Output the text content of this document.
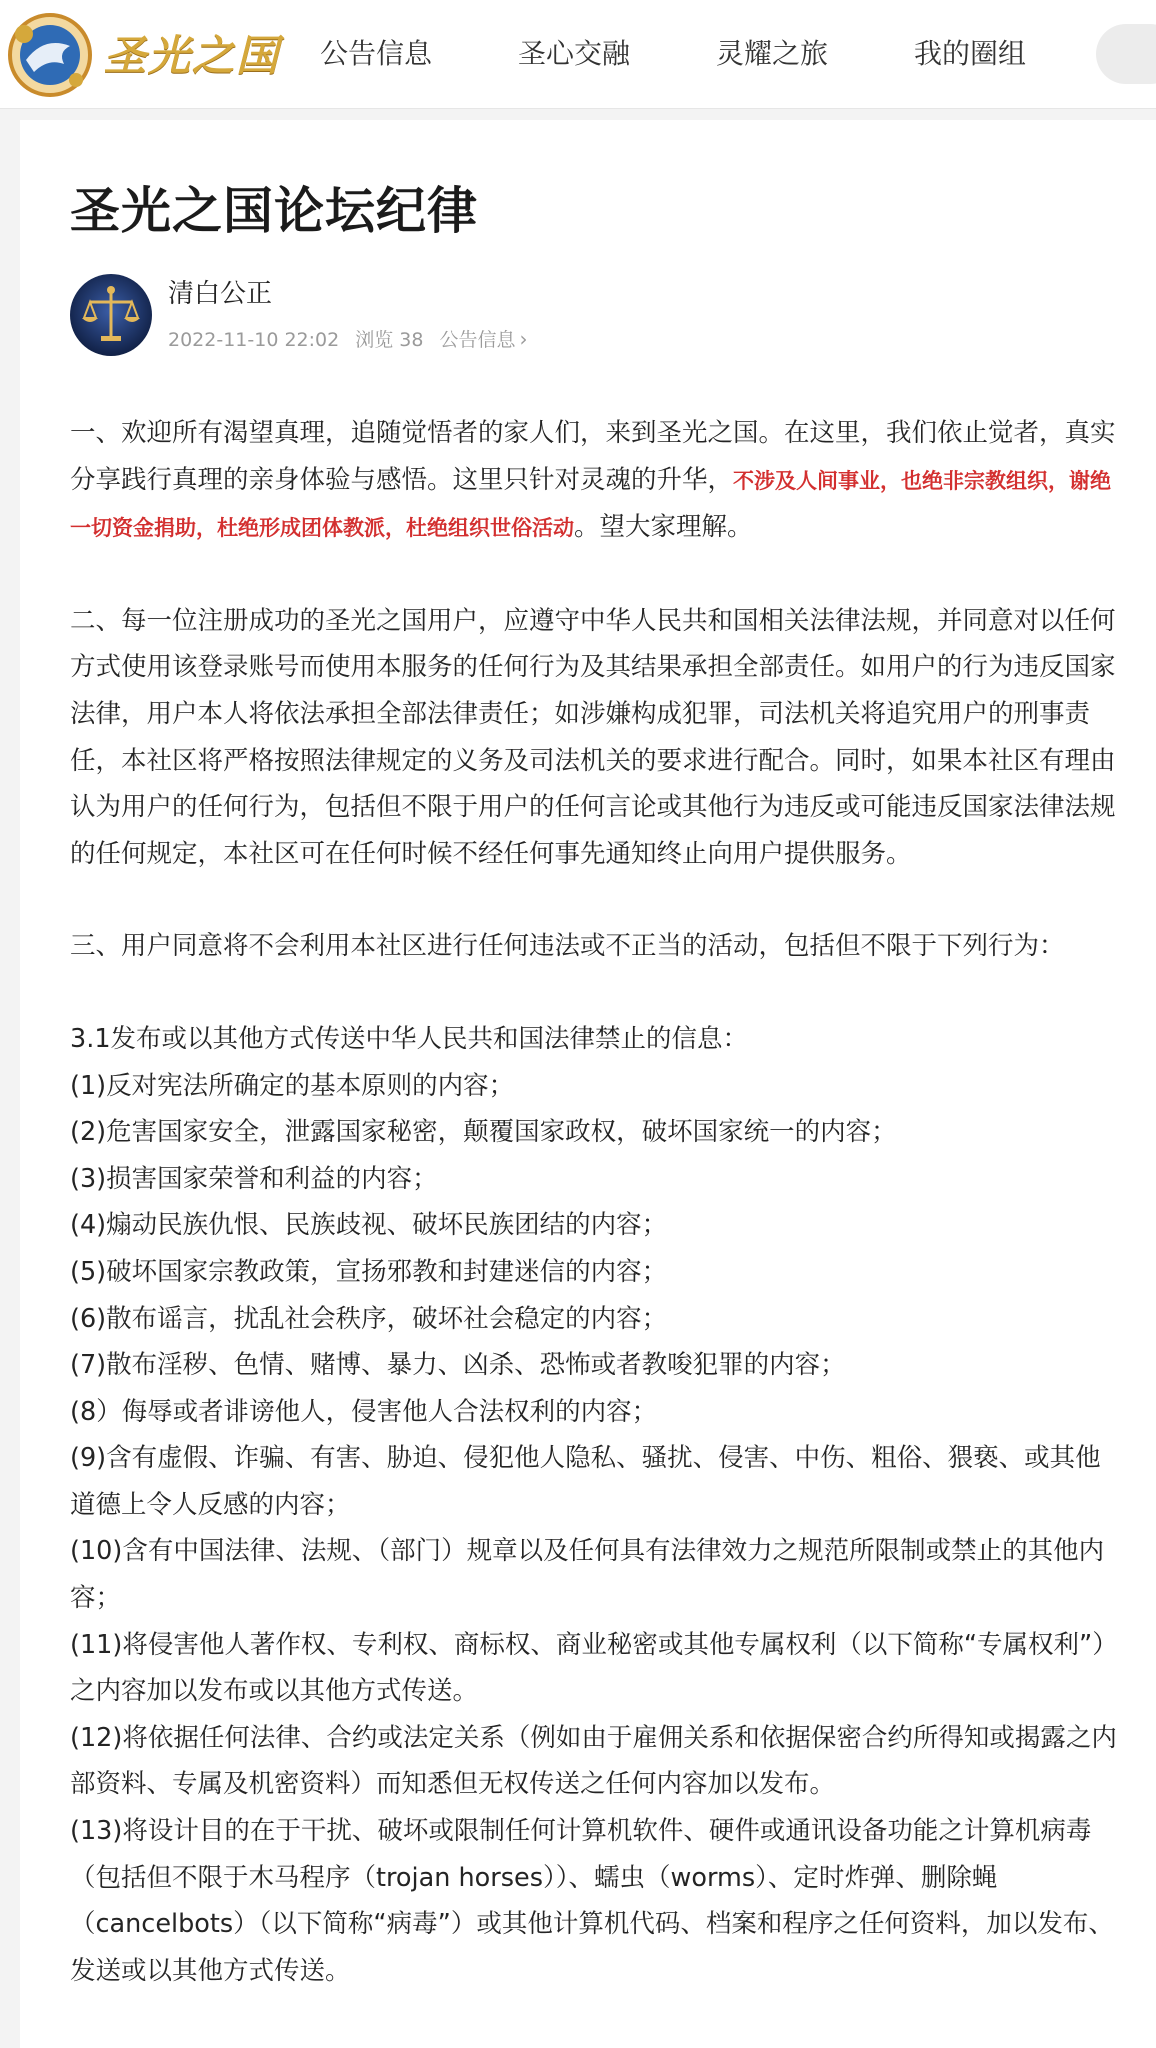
圣光之国 公告信息	圣心交融	灵耀之旅	我的圈组
圣光之国论坛纪律
清白公正
2022-11-10 22:02 浏览 38 公告信息 ›

一、欢迎所有渴望真理，追随觉悟者的家人们，来到圣光之国。在这里，我们依止觉者，真实分享践行真理的亲身体验与感悟。这里只针对灵魂的升华，不涉及人间事业，也绝非宗教组织，谢绝一切资金捐助，杜绝形成团体教派，杜绝组织世俗活动。望大家理解。

二、每一位注册成功的圣光之国用户，应遵守中华人民共和国相关法律法规，并同意对以任何方式使用该登录账号而使用本服务的任何行为及其结果承担全部责任。如用户的行为违反国家法律，用户本人将依法承担全部法律责任；如涉嫌构成犯罪，司法机关将追究用户的刑事责任，本社区将严格按照法律规定的义务及司法机关的要求进行配合。同时，如果本社区有理由认为用户的任何行为，包括但不限于用户的任何言论或其他行为违反或可能违反国家法律法规的任何规定，本社区可在任何时候不经任何事先通知终止向用户提供服务。

三、用户同意将不会利用本社区进行任何违法或不正当的活动，包括但不限于下列行为：

3.1发布或以其他方式传送中华人民共和国法律禁止的信息：

(1)反对宪法所确定的基本原则的内容；

(2)危害国家安全，泄露国家秘密，颠覆国家政权，破坏国家统一的内容；

(3)损害国家荣誉和利益的内容；

(4)煽动民族仇恨、民族歧视、破坏民族团结的内容；

(5)破坏国家宗教政策，宣扬邪教和封建迷信的内容；

(6)散布谣言，扰乱社会秩序，破坏社会稳定的内容；

(7)散布淫秽、色情、赌博、暴力、凶杀、恐怖或者教唆犯罪的内容；

(8）侮辱或者诽谤他人，侵害他人合法权利的内容；

(9)含有虚假、诈骗、有害、胁迫、侵犯他人隐私、骚扰、侵害、中伤、粗俗、猥亵、或其他道德上令人反感的内容；

(10)含有中国法律、法规、（部门）规章以及任何具有法律效力之规范所限制或禁止的其他内容；

(11)将侵害他人著作权、专利权、商标权、商业秘密或其他专属权利（以下简称“专属权利”）之内容加以发布或以其他方式传送。

(12)将依据任何法律、合约或法定关系（例如由于雇佣关系和依据保密合约所得知或揭露之内部资料、专属及机密资料）而知悉但无权传送之任何内容加以发布。

(13)将设计目的在于干扰、破坏或限制任何计算机软件、硬件或通讯设备功能之计算机病毒（包括但不限于木马程序（trojan horses））、蠕虫（worms）、定时炸弹、删除蝇（cancelbots）（以下简称“病毒”）或其他计算机代码、档案和程序之任何资料，加以发布、发送或以其他方式传送。
